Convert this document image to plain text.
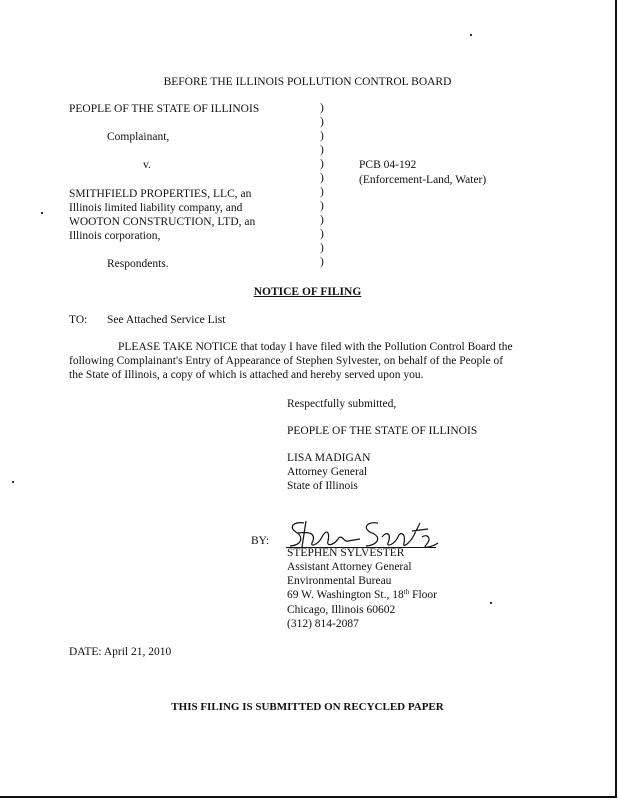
BEFORE THE ILLINOIS POLLUTION CONTROL BOARD
PEOPLE OF THE STATE OF ILLINOIS
Complainant,
v.
SMITHFIELD PROPERTIES, LLC, an
Illinois limited liability company, and
WOOTON CONSTRUCTION, LTD, an
Illinois corporation,
Respondents.
)
)
)
)
)
)
)
)
)
)
)
)
PCB 04-192
(Enforcement-Land, Water)
NOTICE OF FILING
TO: See Attached Service List
PLEASE TAKE NOTICE that today I have filed with the Pollution Control Board the
following Complainant's Entry of Appearance of Stephen Sylvester, on behalf of the People of
the State of Illinois, a copy of which is attached and hereby served upon you.
Respectfully submitted,
PEOPLE OF THE STATE OF ILLINOIS
LISA MADIGAN
Attorney General
State of Illinois
BY:
STEPHEN SYLVESTER
Assistant Attorney General
Environmental Bureau
69 W. Washington St., 18th Floor
Chicago, Illinois 60602
(312) 814-2087
DATE: April 21, 2010
THIS FILING IS SUBMITTED ON RECYCLED PAPER
